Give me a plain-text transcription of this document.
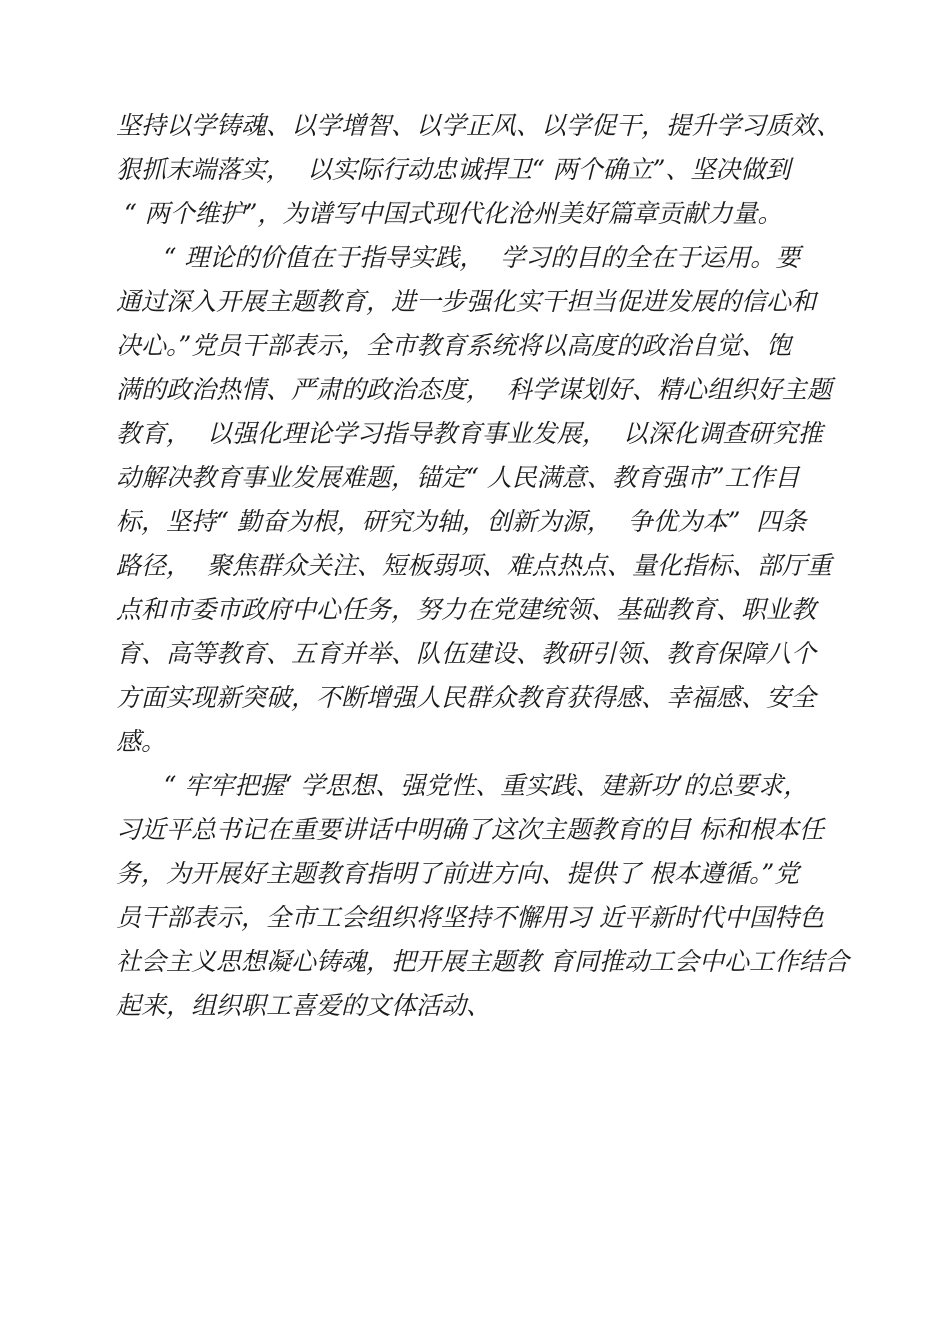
坚持以学铸魂、以学增智、以学正风、以学促干，提升学习质效、
狠抓末端落实，  以实际行动忠诚捍卫“ 两个确立”、坚决做到
“ 两个维护”，为谱写中国式现代化沧州美好篇章贡献力量。
“ 理论的价值在于指导实践，  学习的目的全在于运用。要
通过深入开展主题教育，进一步强化实干担当促进发展的信心和
决心。”党员干部表示，全市教育系统将以高度的政治自觉、饱
满的政治热情、严肃的政治态度，  科学谋划好、精心组织好主题
教育，  以强化理论学习指导教育事业发展，  以深化调查研究推
动解决教育事业发展难题，锚定“ 人民满意、教育强市”工作目
标，坚持“ 勤奋为根，研究为轴，创新为源，  争优为本”  四条
路径，  聚焦群众关注、短板弱项、难点热点、量化指标、部厅重
点和市委市政府中心任务，努力在党建统领、基础教育、职业教
育、高等教育、五育并举、队伍建设、教研引领、教育保障八个
方面实现新突破，不断增强人民群众教育获得感、幸福感、安全
感。
“ 牢牢把握‘ 学思想、强党性、重实践、建新功’的总要求，
习近平总书记在重要讲话中明确了这次主题教育的目 标和根本任
务，为开展好主题教育指明了前进方向、提供了 根本遵循。”党
员干部表示，全市工会组织将坚持不懈用习 近平新时代中国特色
社会主义思想凝心铸魂，把开展主题教 育同推动工会中心工作结合
起来，组织职工喜爱的文体活动、
